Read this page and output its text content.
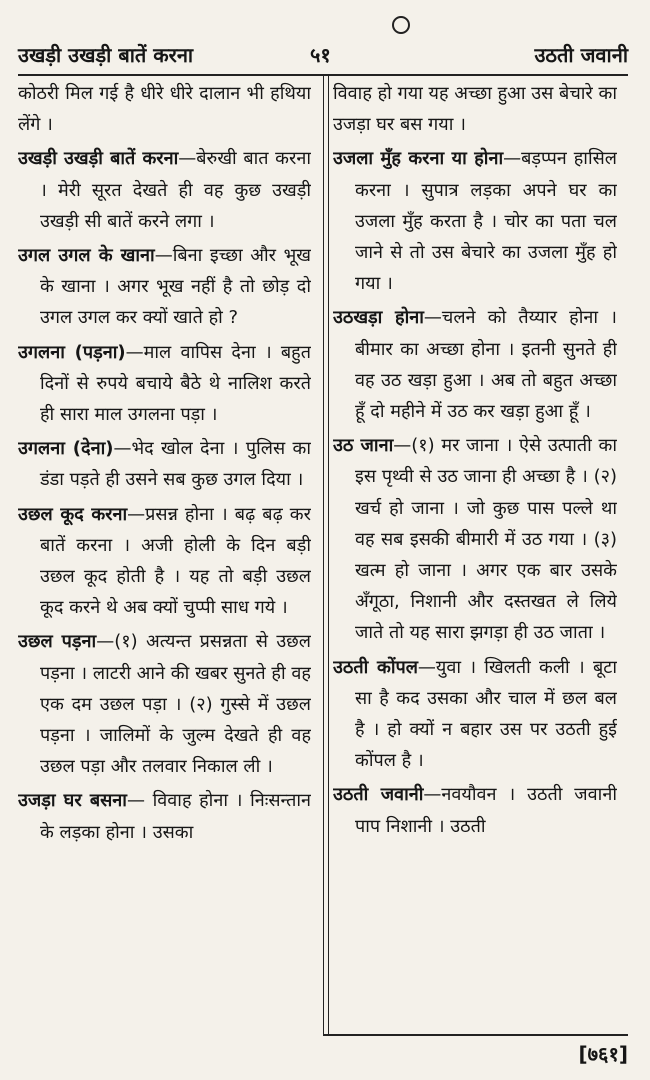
उखड़ी उखड़ी बातें करना	५१	उठती जवानी

कोठरी मिल गई है धीरे धीरे दालान भी हथिया लेंगे ।

उखड़ी उखड़ी बातें करना—बेरुखी बात करना । मेरी सूरत देखते ही वह कुछ उखड़ी उखड़ी सी बातें करने लगा ।

उगल उगल के खाना—बिना इच्छा और भूख के खाना । अगर भूख नहीं है तो छोड़ दो उगल उगल कर क्यों खाते हो ?

उगलना (पड़ना)—माल वापिस देना । बहुत दिनों से रुपये बचाये बैठे थे नालिश करते ही सारा माल उगलना पड़ा ।

उगलना (देना)—भेद खोल देना । पुलिस का डंडा पड़ते ही उसने सब कुछ उगल दिया ।

उछल कूद करना—प्रसन्न होना । बढ़ बढ़ कर बातें करना । अजी होली के दिन बड़ी उछल कूद होती है । यह तो बड़ी उछल कूद करने थे अब क्यों चुप्पी साध गये ।

उछल पड़ना—(१) अत्यन्त प्रसन्नता से उछल पड़ना । लाटरी आने की खबर सुनते ही वह एक दम उछल पड़ा । (२) गुस्से में उछल पड़ना । जालिमों के जुल्म देखते ही वह उछल पड़ा और तलवार निकाल ली ।

उजड़ा घर बसना— विवाह होना । निःसन्तान के लड़का होना । उसका

विवाह हो गया यह अच्छा हुआ उस बेचारे का उजड़ा घर बस गया ।

उजला मुँह करना या होना—बड़प्पन हासिल करना । सुपात्र लड़का अपने घर का उजला मुँह करता है । चोर का पता चल जाने से तो उस बेचारे का उजला मुँह हो गया ।

उठखड़ा होना—चलने को तैय्यार होना । बीमार का अच्छा होना । इतनी सुनते ही वह उठ खड़ा हुआ । अब तो बहुत अच्छा हूँ दो महीने में उठ कर खड़ा हुआ हूँ ।

उठ जाना—(१) मर जाना । ऐसे उत्पाती का इस पृथ्वी से उठ जाना ही अच्छा है । (२) खर्च हो जाना । जो कुछ पास पल्ले था वह सब इसकी बीमारी में उठ गया । (३) खत्म हो जाना । अगर एक बार उसके अँगूठा, निशानी और दस्तखत ले लिये जाते तो यह सारा झगड़ा ही उठ जाता ।

उठती कोंपल—युवा । खिलती कली । बूटा सा है कद उसका और चाल में छल बल है । हो क्यों न बहार उस पर उठती हुई कोंपल है ।

उठती जवानी—नवयौवन । उठती जवानी पाप निशानी । उठती

[७६१]
